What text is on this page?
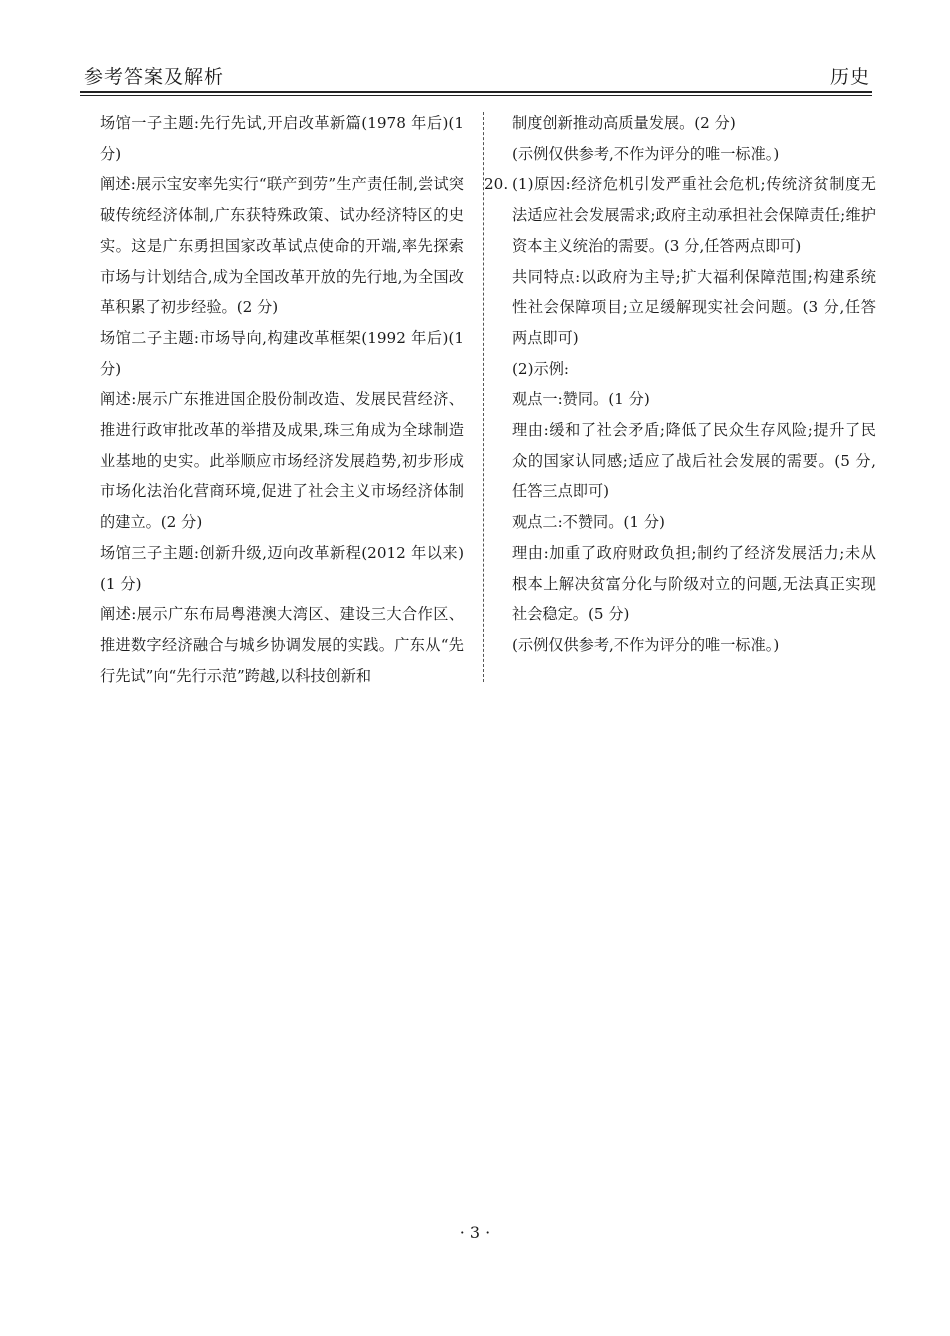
参考答案及解析	历史
场馆一子主题:先行先试,开启改革新篇(1978 年后)(1 分)
阐述:展示宝安率先实行“联产到劳”生产责任制,尝试突破传统经济体制,广东获特殊政策、试办经济特区的史实。这是广东勇担国家改革试点使命的开端,率先探索市场与计划结合,成为全国改革开放的先行地,为全国改革积累了初步经验。(2 分)
场馆二子主题:市场导向,构建改革框架(1992 年后)(1 分)
阐述:展示广东推进国企股份制改造、发展民营经济、推进行政审批改革的举措及成果,珠三角成为全球制造业基地的史实。此举顺应市场经济发展趋势,初步形成市场化法治化营商环境,促进了社会主义市场经济体制的建立。(2 分)
场馆三子主题:创新升级,迈向改革新程(2012 年以来)(1 分)
阐述:展示广东布局粤港澳大湾区、建设三大合作区、推进数字经济融合与城乡协调发展的实践。广东从“先行先试”向“先行示范”跨越,以科技创新和
制度创新推动高质量发展。(2 分)
(示例仅供参考,不作为评分的唯一标准。)
20. (1)原因:经济危机引发严重社会危机;传统济贫制度无法适应社会发展需求;政府主动承担社会保障责任;维护资本主义统治的需要。(3 分,任答两点即可)
共同特点:以政府为主导;扩大福利保障范围;构建系统性社会保障项目;立足缓解现实社会问题。(3 分,任答两点即可)
(2)示例:
观点一:赞同。(1 分)
理由:缓和了社会矛盾;降低了民众生存风险;提升了民众的国家认同感;适应了战后社会发展的需要。(5 分,任答三点即可)
观点二:不赞同。(1 分)
理由:加重了政府财政负担;制约了经济发展活力;未从根本上解决贫富分化与阶级对立的问题,无法真正实现社会稳定。(5 分)
(示例仅供参考,不作为评分的唯一标准。)
· 3 ·
